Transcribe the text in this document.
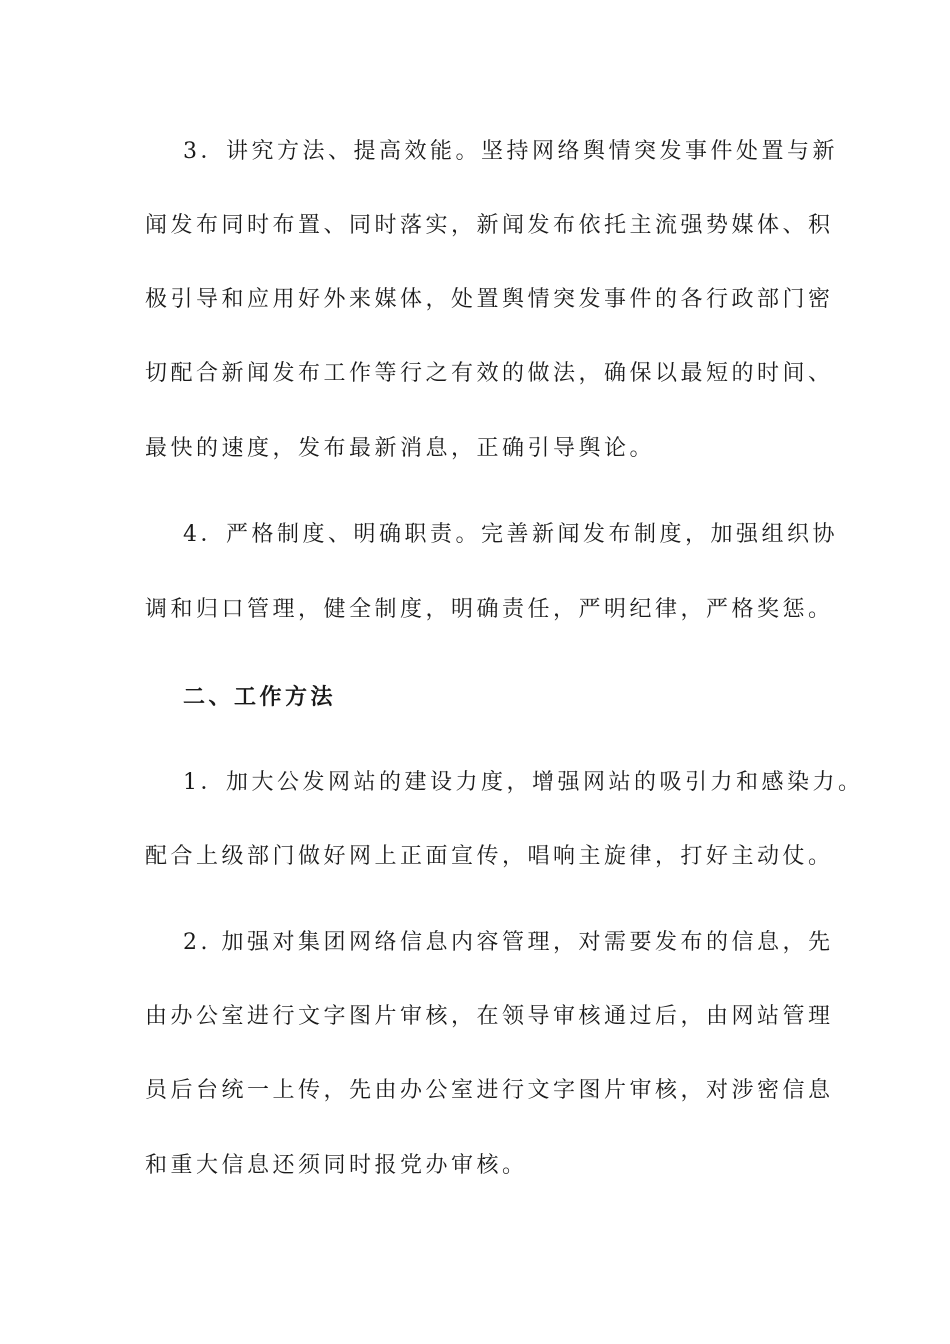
3．讲究方法、提高效能。坚持网络舆情突发事件处置与新
闻发布同时布置、同时落实，新闻发布依托主流强势媒体、积
极引导和应用好外来媒体，处置舆情突发事件的各行政部门密
切配合新闻发布工作等行之有效的做法，确保以最短的时间、
最快的速度，发布最新消息，正确引导舆论。
4．严格制度、明确职责。完善新闻发布制度，加强组织协
调和归口管理，健全制度，明确责任，严明纪律，严格奖惩。
二、工作方法
1．加大公发网站的建设力度，增强网站的吸引力和感染力。
配合上级部门做好网上正面宣传，唱响主旋律，打好主动仗。
2. 加强对集团网络信息内容管理，对需要发布的信息，先
由办公室进行文字图片审核，在领导审核通过后，由网站管理
员后台统一上传，先由办公室进行文字图片审核，对涉密信息
和重大信息还须同时报党办审核。
